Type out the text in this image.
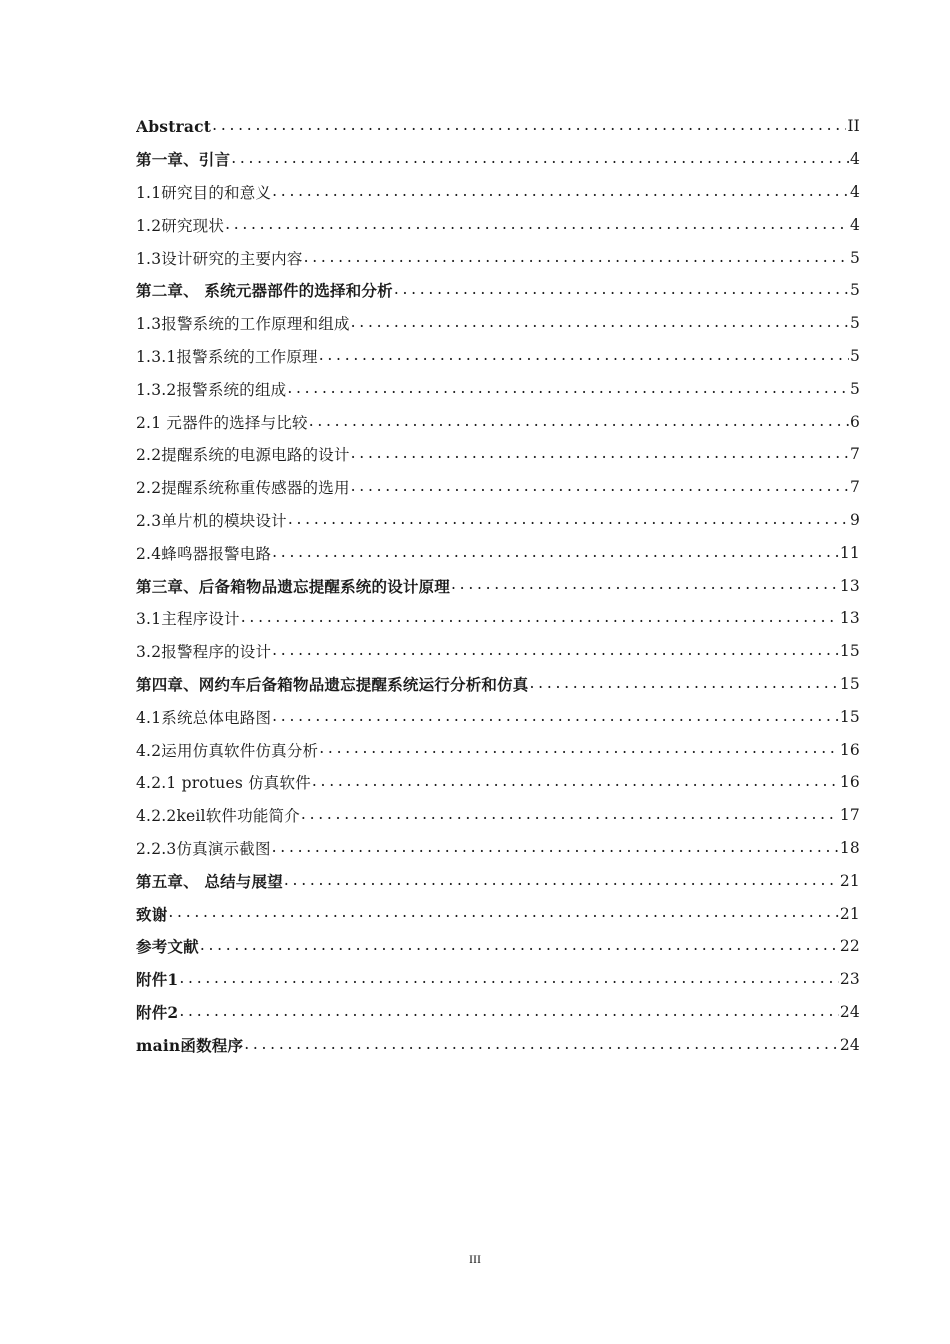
Abstract . . .	II
第一章、引言 . . .	4
1.1研究目的和意义 . . .	4
1.2研究现状 . . .	4
1.3设计研究的主要内容 . . .	5
第二章、 系统元器部件的选择和分析 . . .	5
1.3报警系统的工作原理和组成 . . .	5
1.3.1报警系统的工作原理 . . .	5
1.3.2报警系统的组成 . . .	5
2.1 元器件的选择与比较 . . .	6
2.2提醒系统的电源电路的设计 . . .	7
2.2提醒系统称重传感器的选用 . . .	7
2.3单片机的模块设计 . . .	9
2.4蜂鸣器报警电路 . . .	11
第三章、后备箱物品遗忘提醒系统的设计原理 . . .	13
3.1主程序设计 . . .	13
3.2报警程序的设计 . . .	15
第四章、网约车后备箱物品遗忘提醒系统运行分析和仿真 . . .	15
4.1系统总体电路图 . . .	15
4.2运用仿真软件仿真分析 . . .	16
4.2.1 protues 仿真软件 . . .	16
4.2.2keil软件功能简介 . . .	17
2.2.3仿真演示截图 . . .	18
第五章、 总结与展望 . . .	21
致谢 . . .	21
参考文献 . . .	22
附件1 . . .	23
附件2 . . .	24
main函数程序 . . .	24
III
